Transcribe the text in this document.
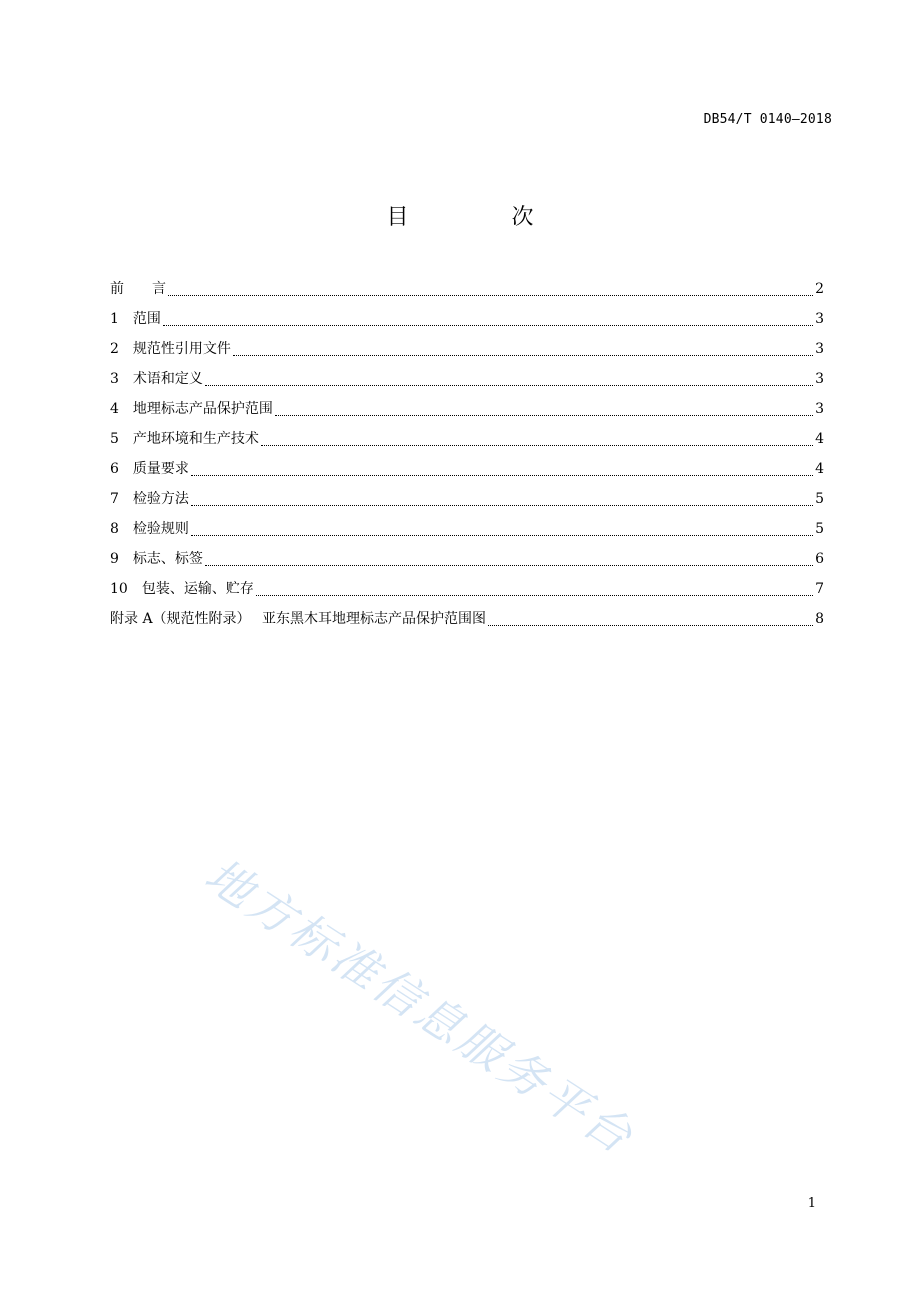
DB54/T 0140—2018
目 次
前　　言	2
1　 范围	3
2　 规范性引用文件	3
3　 术语和定义	3
4　 地理标志产品保护范围	3
5　 产地环境和生产技术	4
6　 质量要求	4
7　 检验方法	5
8　 检验规则	5
9　 标志、标签	6
10　 包装、运输、贮存	7
附录 A（规范性附录）　 亚东黑木耳地理标志产品保护范围图	8
地方标准信息服务平台
1
